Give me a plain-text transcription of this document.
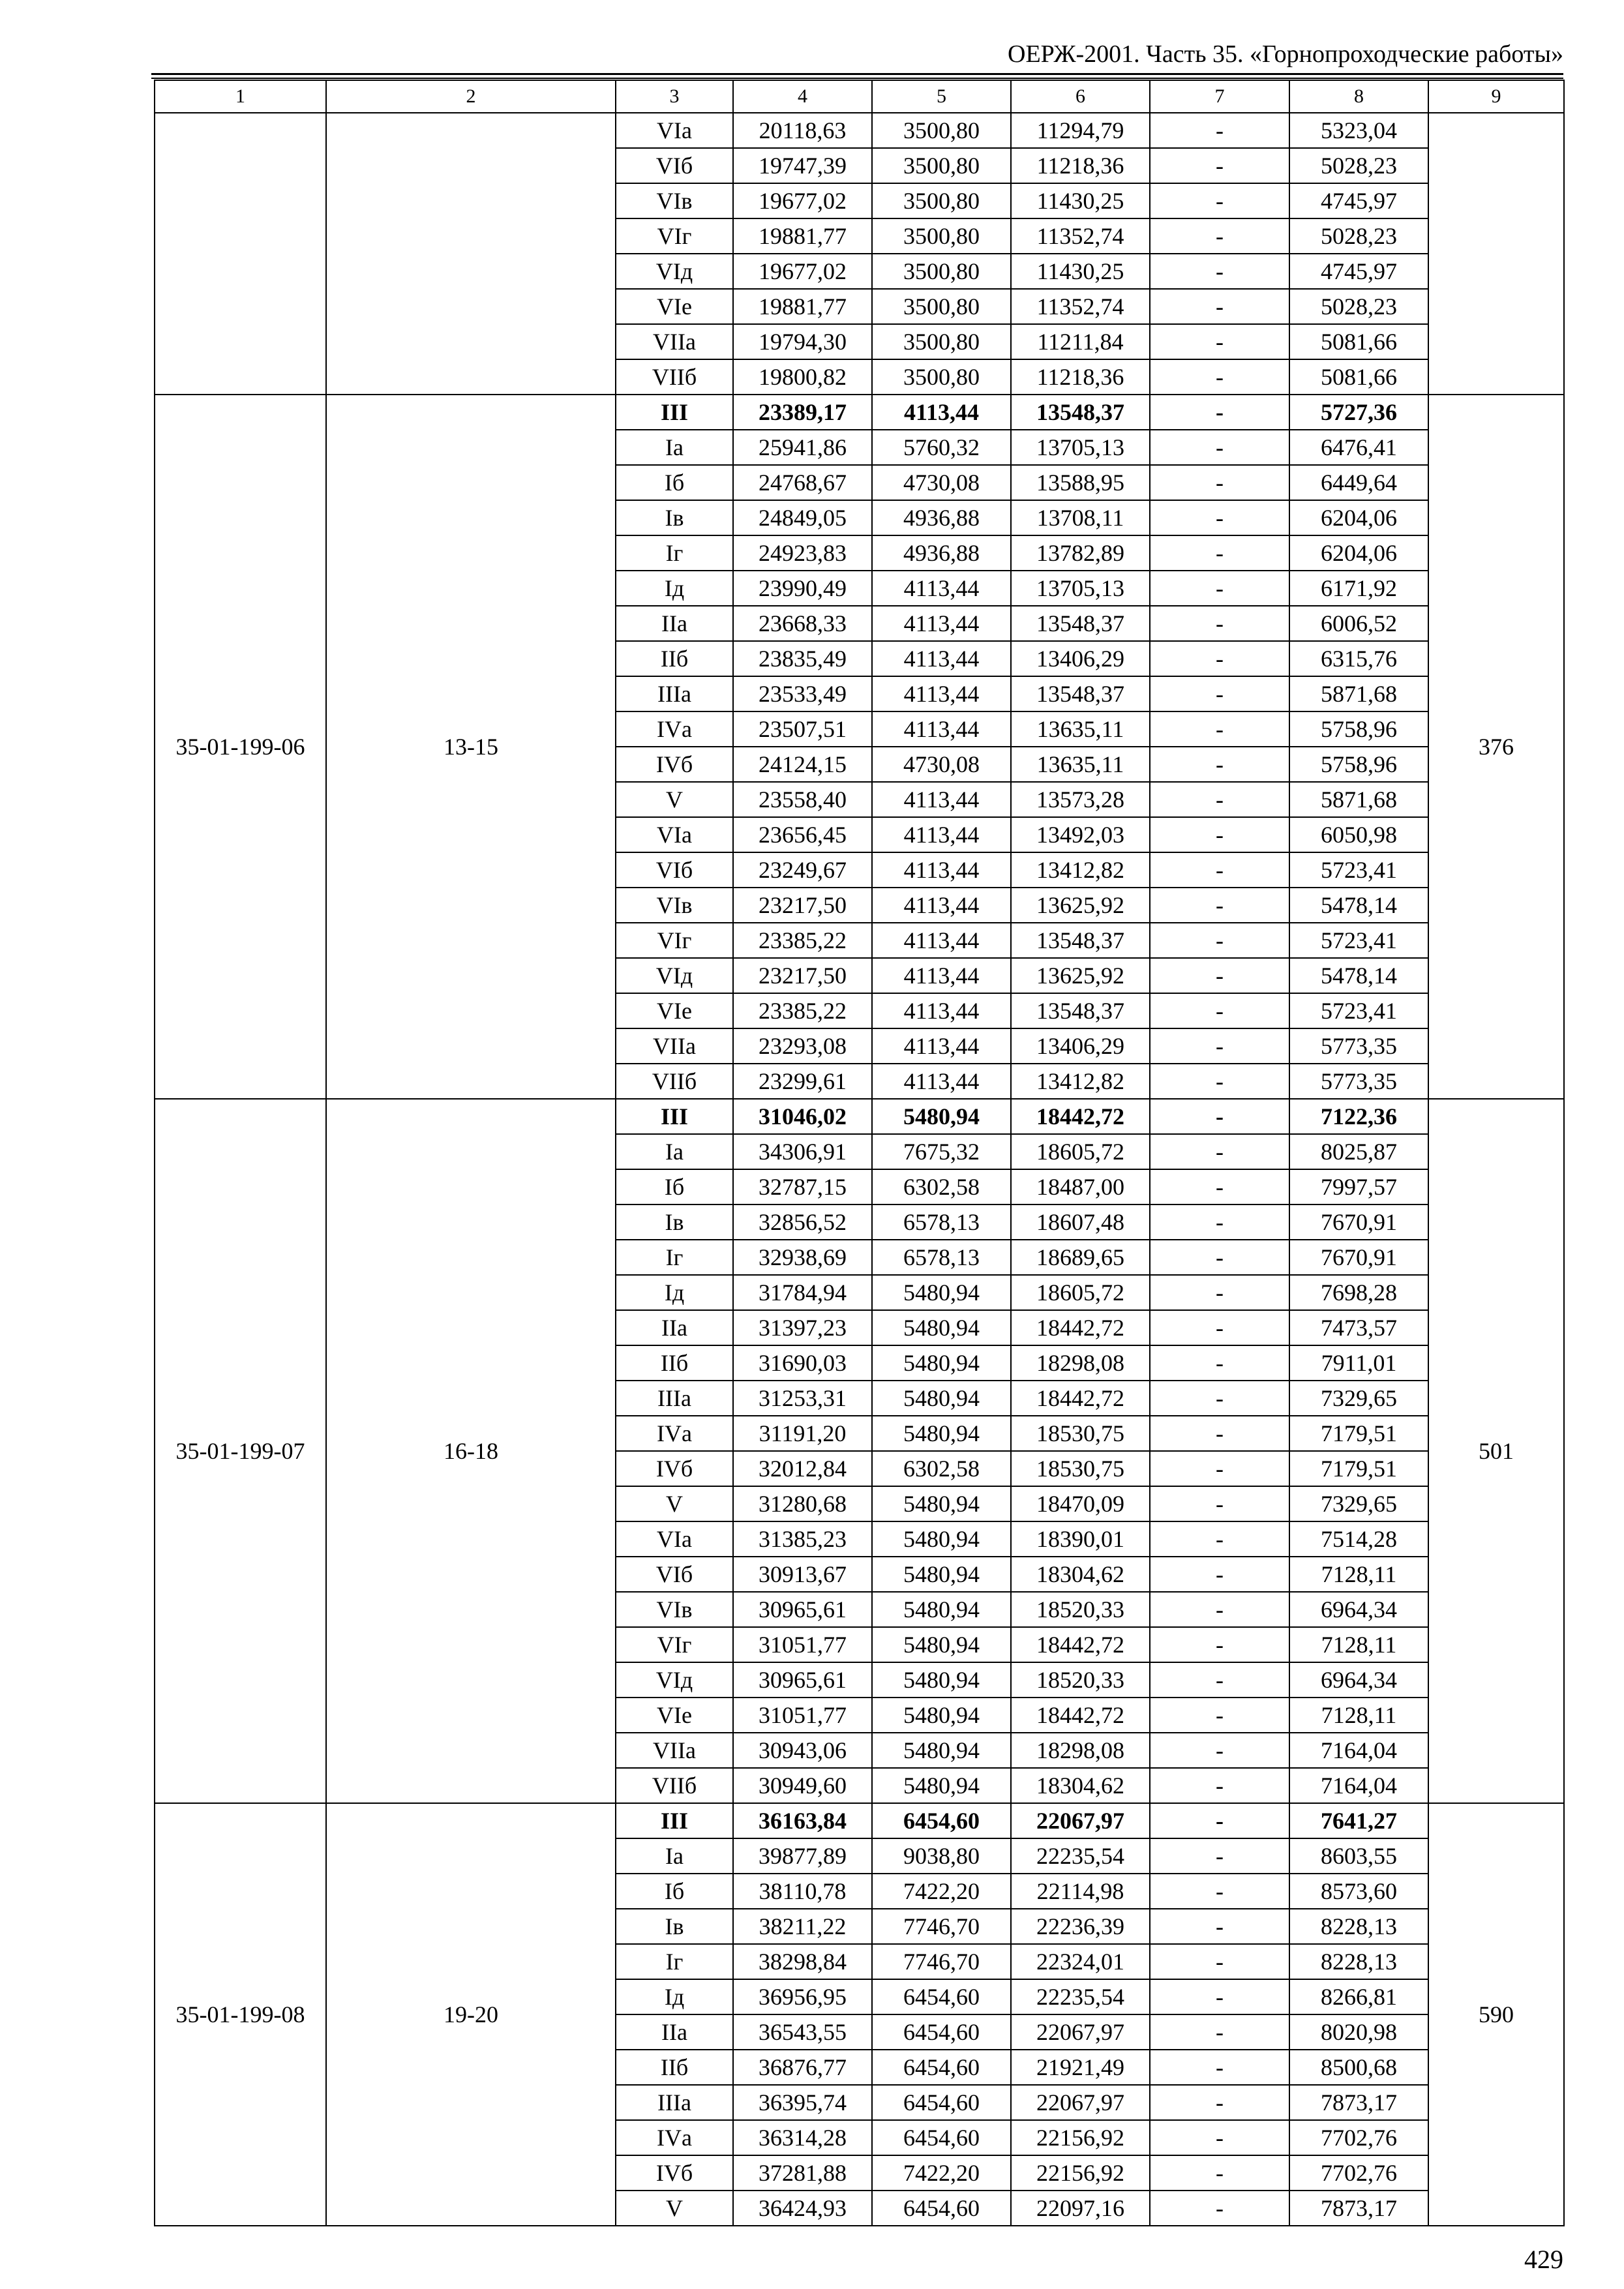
ОЕРЖ-2001. Часть 35. «Горнопроходческие работы»
1	2	3	4	5	6	7	8	9
		VIа	20118,63	3500,80	11294,79	-	5323,04	
		VIб	19747,39	3500,80	11218,36	-	5028,23	
		VIв	19677,02	3500,80	11430,25	-	4745,97	
		VIг	19881,77	3500,80	11352,74	-	5028,23	
		VIд	19677,02	3500,80	11430,25	-	4745,97	
		VIе	19881,77	3500,80	11352,74	-	5028,23	
		VIIа	19794,30	3500,80	11211,84	-	5081,66	
		VIIб	19800,82	3500,80	11218,36	-	5081,66	
35-01-199-06	13-15	III	23389,17	4113,44	13548,37	-	5727,36	376
		Iа	25941,86	5760,32	13705,13	-	6476,41	
		Iб	24768,67	4730,08	13588,95	-	6449,64	
		Iв	24849,05	4936,88	13708,11	-	6204,06	
		Iг	24923,83	4936,88	13782,89	-	6204,06	
		Iд	23990,49	4113,44	13705,13	-	6171,92	
		IIа	23668,33	4113,44	13548,37	-	6006,52	
		IIб	23835,49	4113,44	13406,29	-	6315,76	
		IIIа	23533,49	4113,44	13548,37	-	5871,68	
		IVа	23507,51	4113,44	13635,11	-	5758,96	
		IVб	24124,15	4730,08	13635,11	-	5758,96	
		V	23558,40	4113,44	13573,28	-	5871,68	
		VIа	23656,45	4113,44	13492,03	-	6050,98	
		VIб	23249,67	4113,44	13412,82	-	5723,41	
		VIв	23217,50	4113,44	13625,92	-	5478,14	
		VIг	23385,22	4113,44	13548,37	-	5723,41	
		VIд	23217,50	4113,44	13625,92	-	5478,14	
		VIе	23385,22	4113,44	13548,37	-	5723,41	
		VIIа	23293,08	4113,44	13406,29	-	5773,35	
		VIIб	23299,61	4113,44	13412,82	-	5773,35	
35-01-199-07	16-18	III	31046,02	5480,94	18442,72	-	7122,36	501
		Iа	34306,91	7675,32	18605,72	-	8025,87	
		Iб	32787,15	6302,58	18487,00	-	7997,57	
		Iв	32856,52	6578,13	18607,48	-	7670,91	
		Iг	32938,69	6578,13	18689,65	-	7670,91	
		Iд	31784,94	5480,94	18605,72	-	7698,28	
		IIа	31397,23	5480,94	18442,72	-	7473,57	
		IIб	31690,03	5480,94	18298,08	-	7911,01	
		IIIа	31253,31	5480,94	18442,72	-	7329,65	
		IVа	31191,20	5480,94	18530,75	-	7179,51	
		IVб	32012,84	6302,58	18530,75	-	7179,51	
		V	31280,68	5480,94	18470,09	-	7329,65	
		VIа	31385,23	5480,94	18390,01	-	7514,28	
		VIб	30913,67	5480,94	18304,62	-	7128,11	
		VIв	30965,61	5480,94	18520,33	-	6964,34	
		VIг	31051,77	5480,94	18442,72	-	7128,11	
		VIд	30965,61	5480,94	18520,33	-	6964,34	
		VIе	31051,77	5480,94	18442,72	-	7128,11	
		VIIа	30943,06	5480,94	18298,08	-	7164,04	
		VIIб	30949,60	5480,94	18304,62	-	7164,04	
35-01-199-08	19-20	III	36163,84	6454,60	22067,97	-	7641,27	590
		Iа	39877,89	9038,80	22235,54	-	8603,55	
		Iб	38110,78	7422,20	22114,98	-	8573,60	
		Iв	38211,22	7746,70	22236,39	-	8228,13	
		Iг	38298,84	7746,70	22324,01	-	8228,13	
		Iд	36956,95	6454,60	22235,54	-	8266,81	
		IIа	36543,55	6454,60	22067,97	-	8020,98	
		IIб	36876,77	6454,60	21921,49	-	8500,68	
		IIIа	36395,74	6454,60	22067,97	-	7873,17	
		IVа	36314,28	6454,60	22156,92	-	7702,76	
		IVб	37281,88	7422,20	22156,92	-	7702,76	
		V	36424,93	6454,60	22097,16	-	7873,17	
429
